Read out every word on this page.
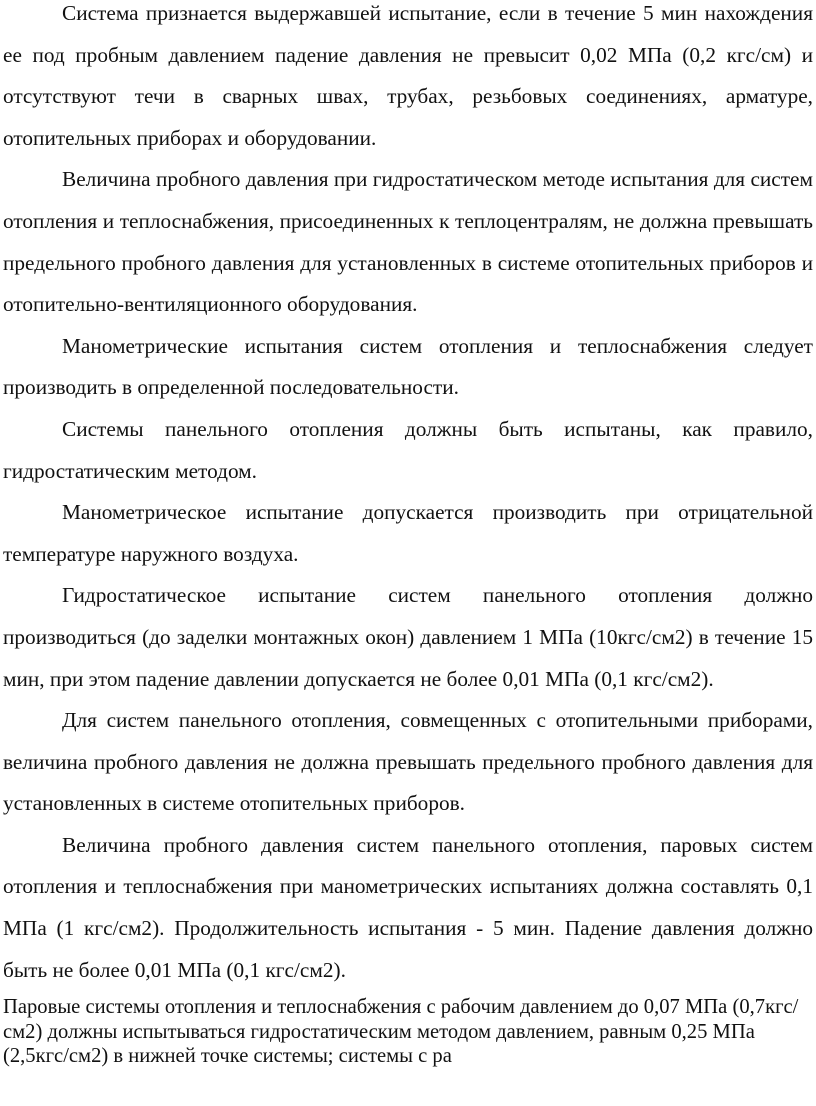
Система признается выдержавшей испытание, если в течение 5 мин нахождения ее под пробным давлением падение давления не превысит 0,02 МПа (0,2 кгс/см) и отсутствуют течи в сварных швах, трубах, резьбовых соединениях, арматуре, отопительных приборах и оборудовании.

Величина пробного давления при гидростатическом методе испытания для систем отопления и теплоснабжения, присоединенных к теплоцентралям, не должна превышать предельного пробного давления для установленных в системе отопительных приборов и отопительно-вентиляционного оборудования.

Манометрические испытания систем отопления и теплоснабжения следует производить в определенной последовательности.

Системы панельного отопления должны быть испытаны, как правило, гидростатическим методом.

Манометрическое испытание допускается производить при отрицательной температуре наружного воздуха.

Гидростатическое испытание систем панельного отопления должно производиться (до заделки монтажных окон) давлением 1 МПа (10кгс/см2) в течение 15 мин, при этом падение давлении допускается не более 0,01 МПа (0,1 кгс/см2).

Для систем панельного отопления, совмещенных с отопительными приборами, величина пробного давления не должна превышать предельного пробного давления для установленных в системе отопительных приборов.

Величина пробного давления систем панельного отопления, паровых систем отопления и теплоснабжения при манометрических испытаниях должна составлять 0,1 МПа (1 кгс/см2). Продолжительность испытания - 5 мин. Падение давления должно быть не более 0,01 МПа (0,1 кгс/см2).

Паровые системы отопления и теплоснабжения с рабочим давлением до 0,07 МПа (0,7кгс/см2) должны испытываться гидростатическим методом давлением, равным 0,25 МПа (2,5кгс/см2) в нижней точке системы; системы с ра
